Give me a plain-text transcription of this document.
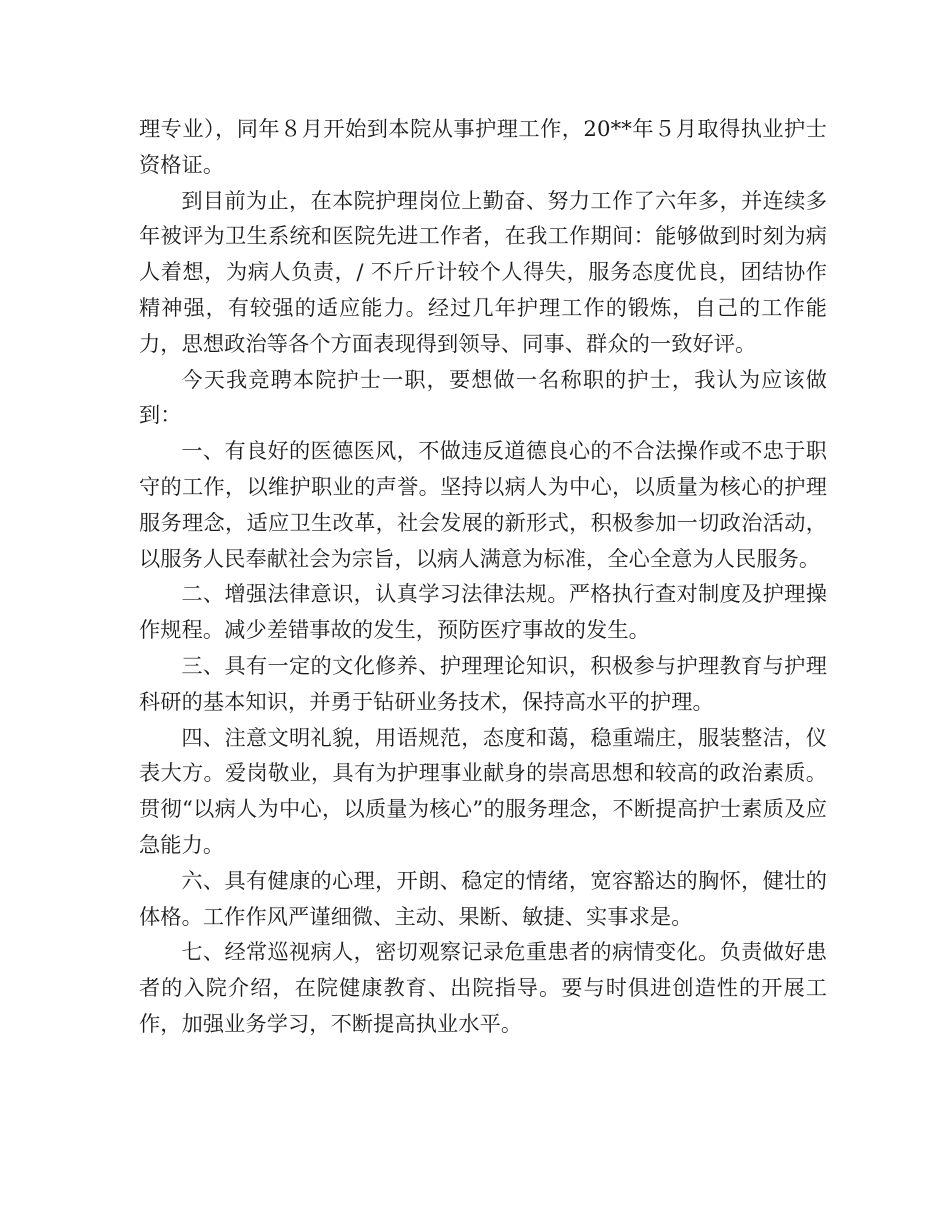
理专业），同年８月开始到本院从事护理工作，20**年５月取得执业护士资格证。

到目前为止，在本院护理岗位上勤奋、努力工作了六年多，并连续多年被评为卫生系统和医院先进工作者，在我工作期间：能够做到时刻为病人着想，为病人负责，/ 不斤斤计较个人得失，服务态度优良，团结协作精神强，有较强的适应能力。经过几年护理工作的锻炼，自己的工作能力，思想政治等各个方面表现得到领导、同事、群众的一致好评。

今天我竞聘本院护士一职，要想做一名称职的护士，我认为应该做到：

一、有良好的医德医风，不做违反道德良心的不合法操作或不忠于职守的工作，以维护职业的声誉。坚持以病人为中心，以质量为核心的护理服务理念，适应卫生改革，社会发展的新形式，积极参加一切政治活动，以服务人民奉献社会为宗旨，以病人满意为标准，全心全意为人民服务。

二、增强法律意识，认真学习法律法规。严格执行查对制度及护理操作规程。减少差错事故的发生，预防医疗事故的发生。

三、具有一定的文化修养、护理理论知识，积极参与护理教育与护理科研的基本知识，并勇于钻研业务技术，保持高水平的护理。

四、注意文明礼貌，用语规范，态度和蔼，稳重端庄，服装整洁，仪表大方。爱岗敬业，具有为护理事业献身的崇高思想和较高的政治素质。贯彻“以病人为中心，以质量为核心”的服务理念，不断提高护士素质及应急能力。

六、具有健康的心理，开朗、稳定的情绪，宽容豁达的胸怀，健壮的体格。工作作风严谨细微、主动、果断、敏捷、实事求是。

七、经常巡视病人，密切观察记录危重患者的病情变化。负责做好患者的入院介绍，在院健康教育、出院指导。要与时俱进创造性的开展工作，加强业务学习，不断提高执业水平。
